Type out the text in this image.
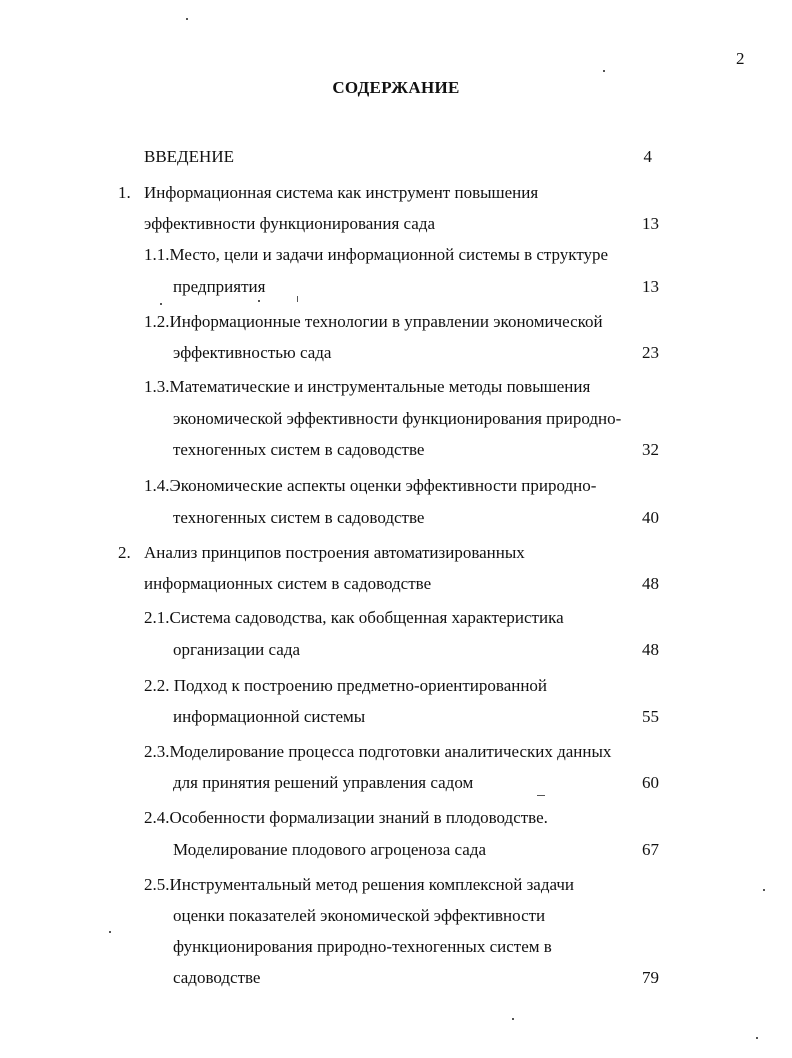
2
СОДЕРЖАНИЕ
ВВЕДЕНИЕ	4
1. Информационная система как инструмент повышения
эффективности функционирования сада	13
1.1.Место, цели и задачи информационной системы в структуре
предприятия	13
1.2.Информационные технологии в управлении экономической
эффективностью сада	23
1.3.Математические и инструментальные методы повышения
экономической эффективности функционирования природно-
техногенных систем в садоводстве	32
1.4.Экономические аспекты оценки эффективности природно-
техногенных систем в садоводстве	40
2. Анализ принципов построения автоматизированных
информационных систем в садоводстве	48
2.1.Система садоводства, как обобщенная характеристика
организации сада	48
2.2. Подход к построению предметно-ориентированной
информационной системы	55
2.3.Моделирование процесса подготовки аналитических данных
для принятия решений управления садом	60
2.4.Особенности формализации знаний в плодоводстве.
Моделирование плодового агроценоза сада	67
2.5.Инструментальный метод решения комплексной задачи
оценки показателей экономической эффективности
функционирования природно-техногенных систем в
садоводстве	79
